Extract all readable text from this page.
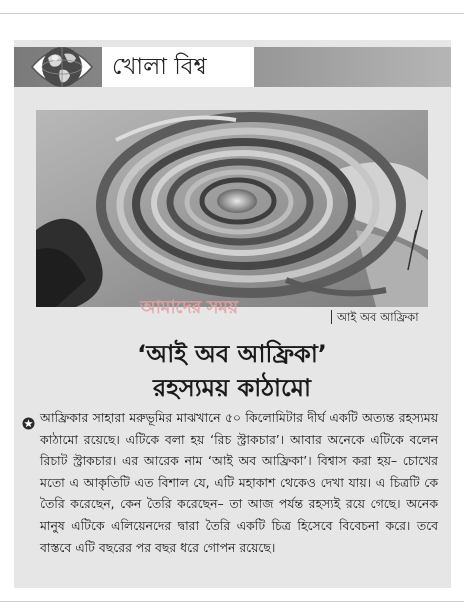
খোলা বিশ্ব
আমাদের সময়	আই অব আফ্রিকা
‘আই অব আফ্রিকা’
রহস্যময় কাঠামো
আফ্রিকার সাহারা মরুভূমির মাঝখানে ৫০ কিলোমিটার দীর্ঘ একটি অত্যন্ত রহস্যময় কাঠামো রয়েছে। এটিকে বলা হয় ‘রিচ স্ট্রাকচার’। আবার অনেকে এটিকে বলেন রিচাট স্ট্রাকচার। এর আরেক নাম ‘আই অব আফ্রিকা’। বিশ্বাস করা হয়– চোখের মতো এ আকৃতিটি এত বিশাল যে, এটি মহাকাশ থেকেও দেখা যায়। এ চিত্রটি কে তৈরি করেছেন, কেন তৈরি করেছেন– তা আজ পর্যন্ত রহস্যই রয়ে গেছে। অনেক মানুষ এটিকে এলিয়েনদের দ্বারা তৈরি একটি চিত্র হিসেবে বিবেচনা করে। তবে বাস্তবে এটি বছরের পর বছর ধরে গোপন রয়েছে।
